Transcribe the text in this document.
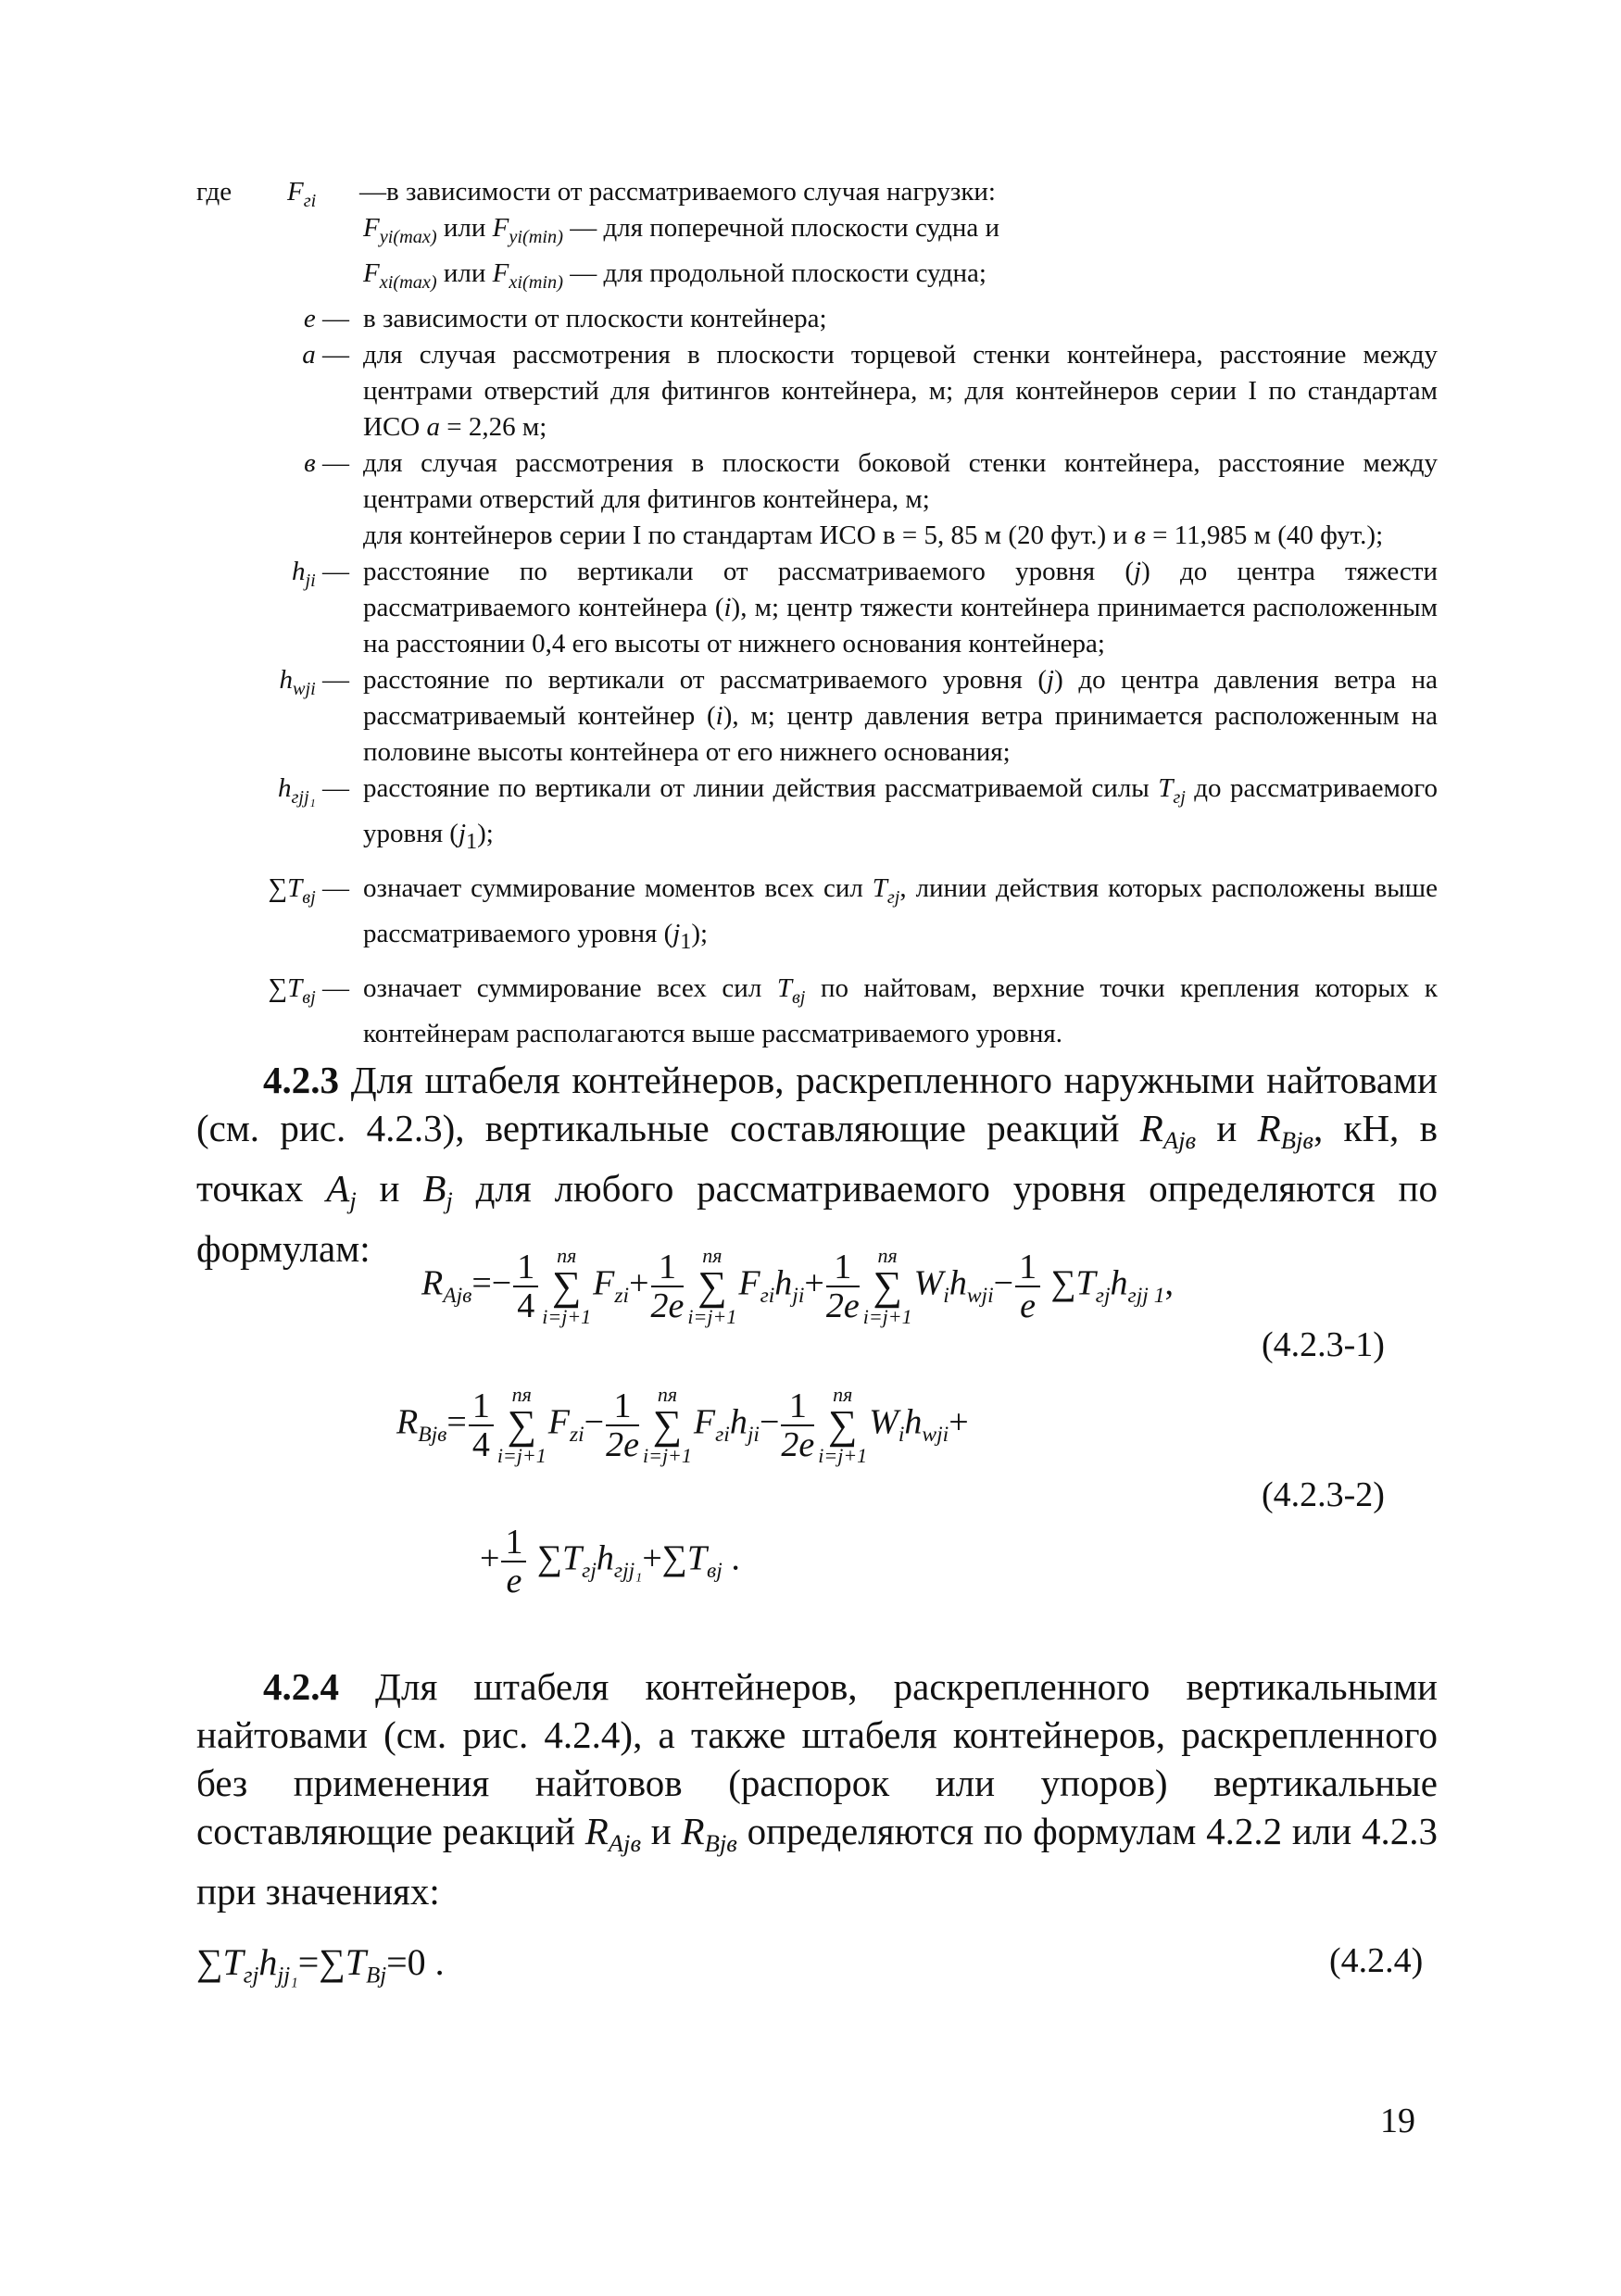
где $F_{гi}$ —в зависимости от рассматриваемого случая нагрузки:
$F_{yi(max)}$ или $F_{yi(min)}$ — для поперечной плоскости судна и
$F_{xi(max)}$ или $F_{xi(min)}$ — для продольной плоскости судна;
e — в зависимости от плоскости контейнера;
a — для случая рассмотрения в плоскости торцевой стенки контейнера, расстояние между центрами отверстий для фитингов контейнера, м; для контейнеров серии I по стандартам ИСО a = 2,26 м;
в — для случая рассмотрения в плоскости боковой стенки контейнера, расстояние между центрами отверстий для фитингов контейнера, м;
для контейнеров серии I по стандартам ИСО в = 5, 85 м (20 фут.) и в = 11,985 м (40 фут.);
$h_{ji}$ — расстояние по вертикали от рассматриваемого уровня (j) до центра тяжести рассматриваемого контейнера (i), м; центр тяжести контейнера принимается расположенным на расстоянии 0,4 его высоты от нижнего основания контейнера;
$h_{wji}$ — расстояние по вертикали от рассматриваемого уровня (j) до центра давления ветра на рассматриваемый контейнер (i), м; центр давления ветра принимается расположенным на половине высоты контейнера от его нижнего основания;
$h_{гjj_1}$ — расстояние по вертикали от линии действия рассматриваемой силы $T_{гj}$ до рассматриваемого уровня $(j_1)$;
$\sum T_{вj}$ — означает суммирование моментов всех сил $T_{гj}$, линии действия которых расположены выше рассматриваемого уровня $(j_1)$;
$\sum T_{вj}$ — означает суммирование всех сил $T_{вj}$ по найтовам, верхние точки крепления которых к контейнерам располагаются выше рассматриваемого уровня.
4.2.3 Для штабеля контейнеров, раскрепленного наружными найтовами (см. рис. 4.2.3), вертикальные составляющие реакций $R_{Ajв}$ и $R_{Bjв}$, кН, в точках $A_j$ и $B_j$ для любого рассматриваемого уровня определяются по формулам:
$R_{Ajв}=- \frac{1}{4}$ nя
∑
i=j+1
$F_{zi}+ \frac{1}{2e}$ nя
∑
i=j+1
$F_{гi}h_{ji}+ \frac{1}{2e}$ nя
∑
i=j+1
$W_ih_{wji}- \frac{1}{e} \sum T_{гj}h_{гjj 1}$,
(4.2.3-1)
$R_{Bjв}= \frac{1}{4}$ nя
∑
i=j+1
$F_{zi}- \frac{1}{2e}$ nя
∑
i=j+1
$F_{гi}h_{ji}- \frac{1}{2e}$ nя
∑
i=j+1
$W_ih_{wji}+$
(4.2.3-2)
+ $\frac{1}{e} \sum T_{гj}h_{гjj_1}+\sum T_{вj}$ .
4.2.4 Для штабеля контейнеров, раскрепленного вертикальными найтовами (см. рис. 4.2.4), а также штабеля контейнеров, раскрепленного без применения найтовов (распорок или упоров) вертикальные составляющие реакций $R_{Ajв}$ и $R_{Bjв}$ определяются по формулам 4.2.2 или 4.2.3 при значениях:
$\sum T_{гj}h_{jj_1}=\sum T_{Bj}=0$ .	(4.2.4)
19
